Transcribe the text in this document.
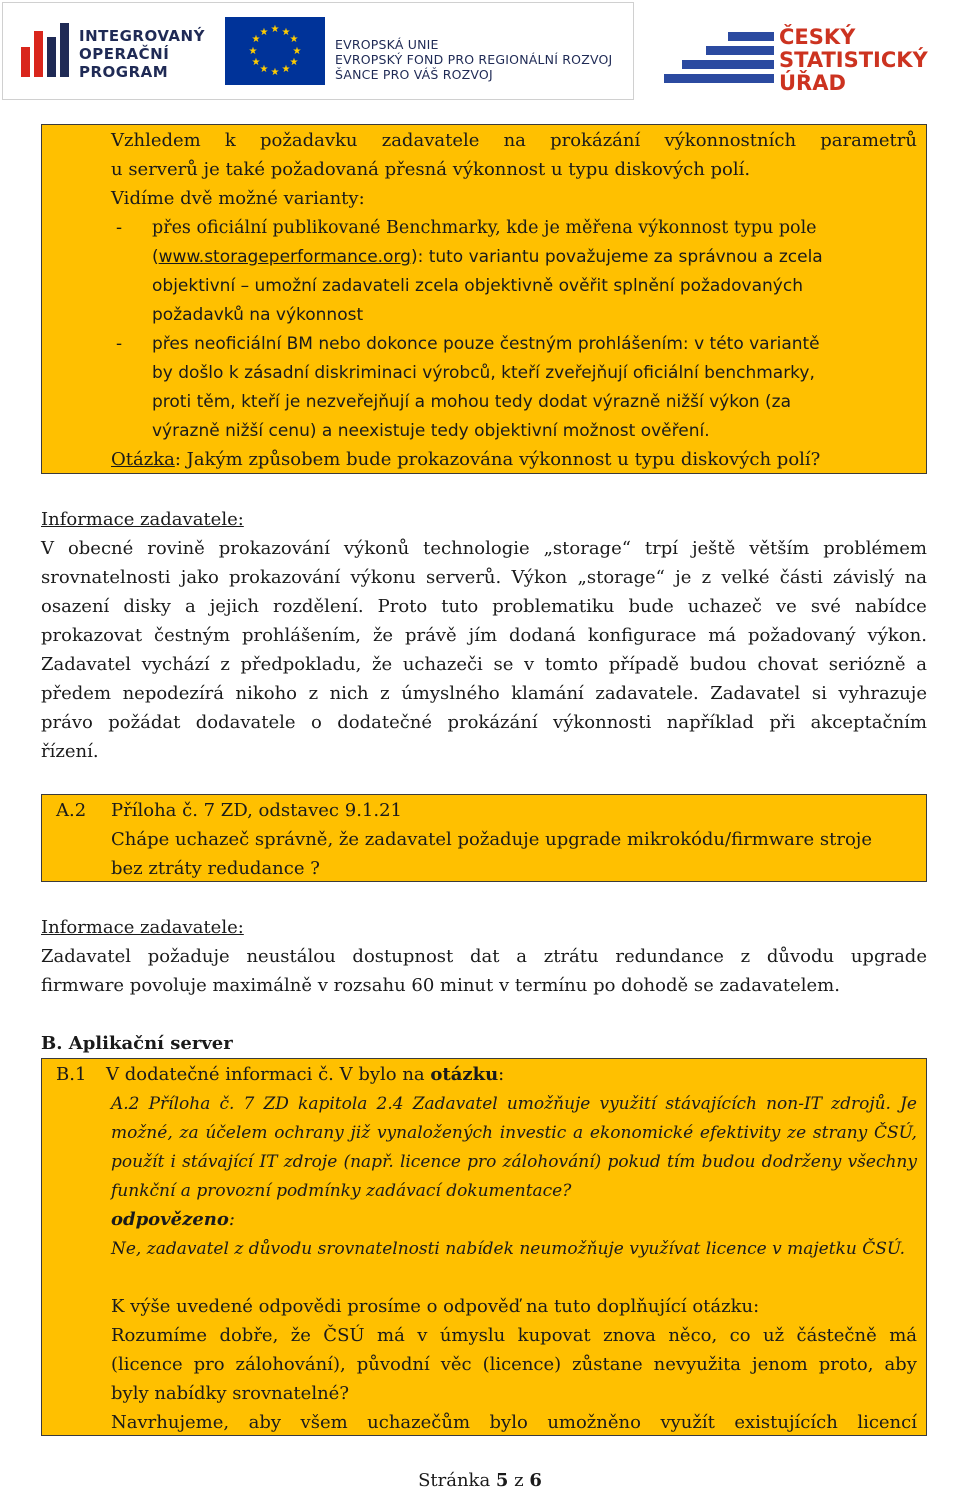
INTEGROVANÝ
OPERAČNÍ
PROGRAM
★ ★
★
★
★
★
★
★
★
★
★
★
EVROPSKÁ UNIE
EVROPSKÝ FOND PRO REGIONÁLNÍ ROZVOJ
ŠANCE PRO VÁŠ ROZVOJ
ČESKÝ
STATISTICKÝ
ÚŘAD
Vzhledem k požadavku zadavatele na prokázání výkonnostních parametrů
u serverů je také požadovaná přesná výkonnost u typu diskových polí.
Vidíme dvě možné varianty:
- přes oficiální publikované Benchmarky, kde je měřena výkonnost typu pole
(www.storageperformance.org): tuto variantu považujeme za správnou a zcela
objektivní – umožní zadavateli zcela objektivně ověřit splnění požadovaných
požadavků na výkonnost
- přes neoficiální BM nebo dokonce pouze čestným prohlášením: v této variantě
by došlo k zásadní diskriminaci výrobců, kteří zveřejňují oficiální benchmarky,
proti těm, kteří je nezveřejňují a mohou tedy dodat výrazně nižší výkon (za
výrazně nižší cenu) a neexistuje tedy objektivní možnost ověření.
Otázka: Jakým způsobem bude prokazována výkonnost u typu diskových polí?
Informace zadavatele:
V obecné rovině prokazování výkonů technologie „storage“ trpí ještě větším problémem
srovnatelnosti jako prokazování výkonu serverů. Výkon „storage“ je z velké části závislý na
osazení disky a jejich rozdělení. Proto tuto problematiku bude uchazeč ve své nabídce
prokazovat čestným prohlášením, že právě jím dodaná konfigurace má požadovaný výkon.
Zadavatel vychází z předpokladu, že uchazeči se v tomto případě budou chovat seriózně a
předem nepodezírá nikoho z nich z úmyslného klamání zadavatele. Zadavatel si vyhrazuje
právo požádat dodavatele o dodatečné prokázání výkonnosti například při akceptačním
řízení.
A.2 Příloha č. 7 ZD, odstavec 9.1.21
Chápe uchazeč správně, že zadavatel požaduje upgrade mikrokódu/firmware stroje
bez ztráty redudance ?
Informace zadavatele:
Zadavatel požaduje neustálou dostupnost dat a ztrátu redundance z důvodu upgrade
firmware povoluje maximálně v rozsahu 60 minut v termínu po dohodě se zadavatelem.
B. Aplikační server
B.1 V dodatečné informaci č. V bylo na otázku:
A.2 Příloha č. 7 ZD kapitola 2.4 Zadavatel umožňuje využití stávajících non-IT zdrojů. Je
možné, za účelem ochrany již vynaložených investic a ekonomické efektivity ze strany ČSÚ,
použít i stávající IT zdroje (např. licence pro zálohování) pokud tím budou dodrženy všechny
funkční a provozní podmínky zadávací dokumentace?
odpovězeno:
Ne, zadavatel z důvodu srovnatelnosti nabídek neumožňuje využívat licence v majetku ČSÚ.
K výše uvedené odpovědi prosíme o odpověď na tuto doplňující otázku:
Rozumíme dobře, že ČSÚ má v úmyslu kupovat znova něco, co už částečně má
(licence pro zálohování), původní věc (licence) zůstane nevyužita jenom proto, aby
byly nabídky srovnatelné?
Navrhujeme, aby všem uchazečům bylo umožněno využít existujících licencí
Stránka 5 z 6
